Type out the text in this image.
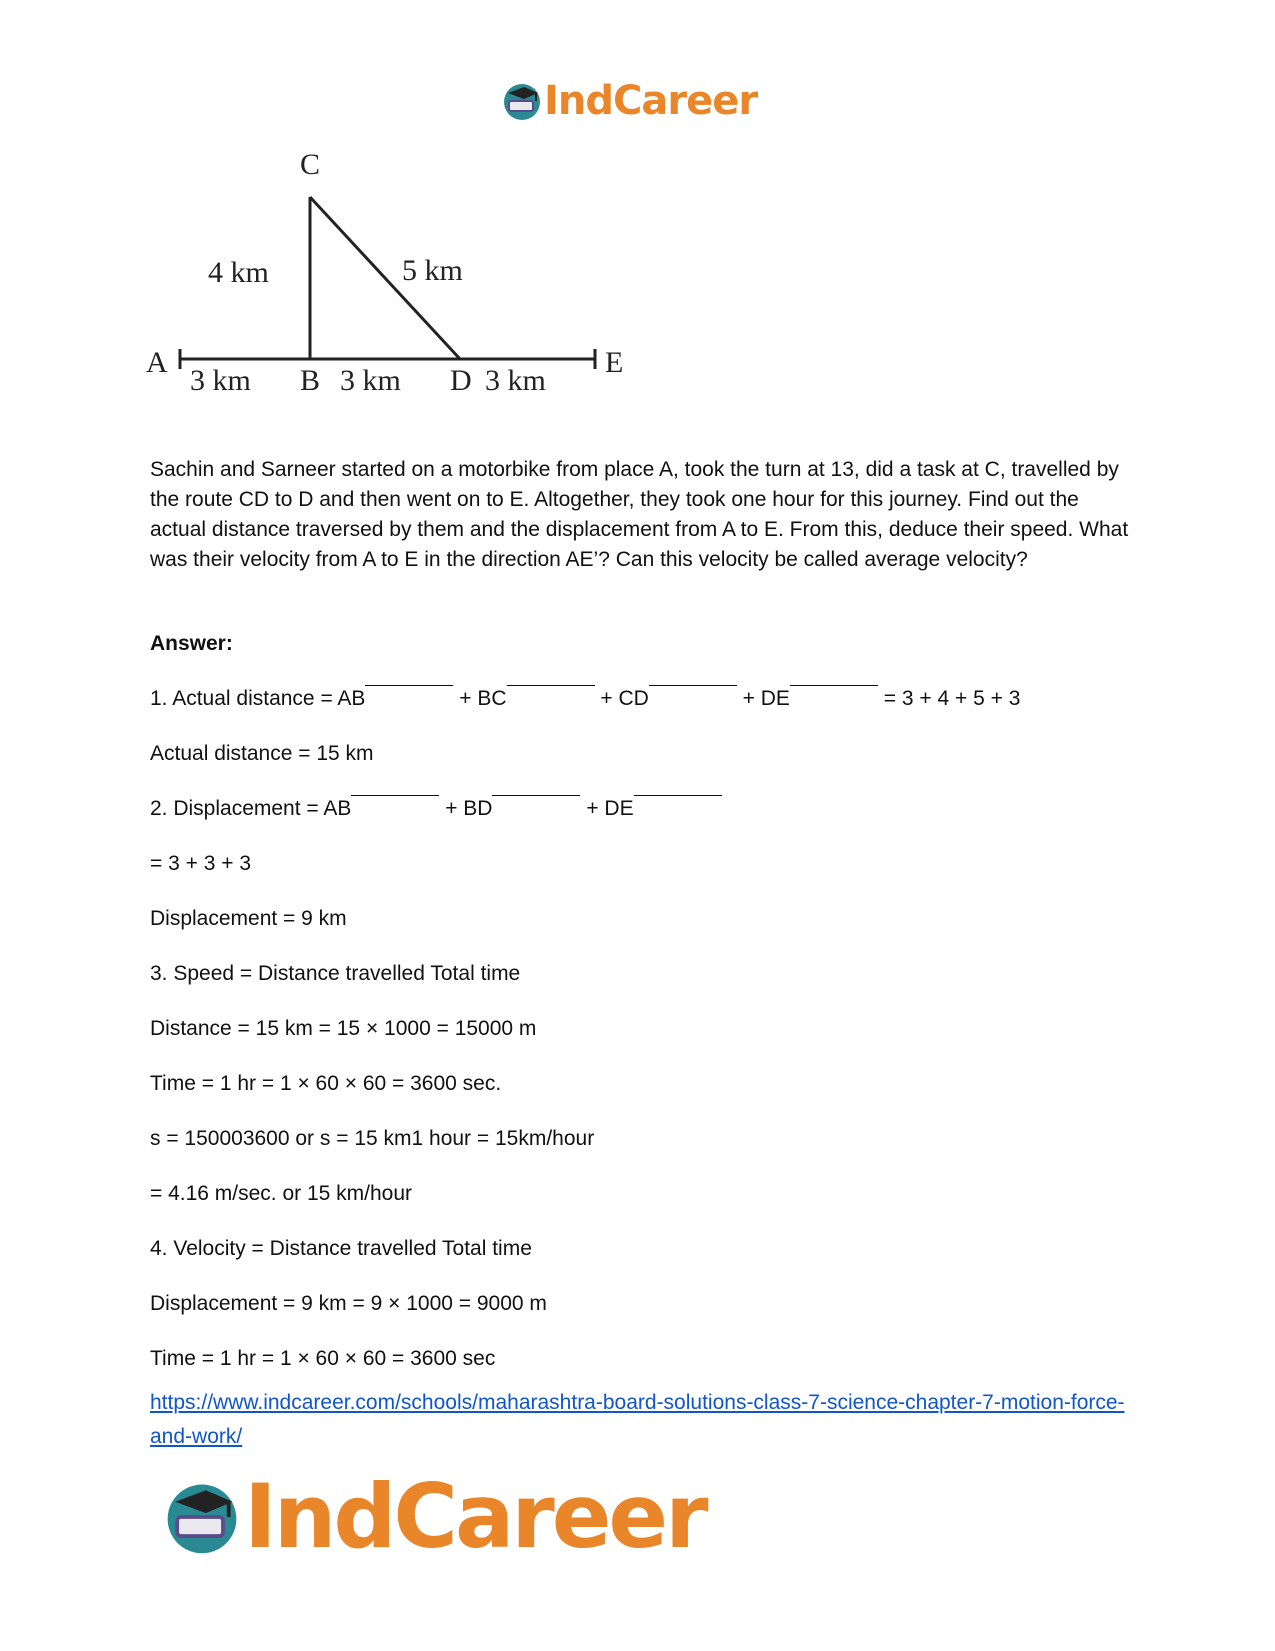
IndCareer
C
A	E
B	D
3 km	3 km	3 km
4 km	5 km
Sachin and Sarneer started on a motorbike from place A, took the turn at 13, did a task at C, travelled by the route CD to D and then went on to E. Altogether, they took one hour for this journey. Find out the actual distance traversed by them and the displacement from A to E. From this, deduce their speed. What was their velocity from A to E in the direction AE’? Can this velocity be called average velocity?
Answer:
1. Actual distance = AB	+ BC	+ CD	+ DE	= 3 + 4 + 5 + 3
Actual distance = 15 km
2. Displacement = AB	+ BD	+ DE
= 3 + 3 + 3
Displacement = 9 km
3. Speed = Distance travelled Total time
Distance = 15 km = 15 × 1000 = 15000 m
Time = 1 hr = 1 × 60 × 60 = 3600 sec.
s = 150003600 or s = 15 km1 hour = 15km/hour
= 4.16 m/sec. or 15 km/hour
4. Velocity = Distance travelled Total time
Displacement = 9 km = 9 × 1000 = 9000 m
Time = 1 hr = 1 × 60 × 60 = 3600 sec
https://www.indcareer.com/schools/maharashtra-board-solutions-class-7-science-chapter-7-motion-force-and-work/
IndCareer
